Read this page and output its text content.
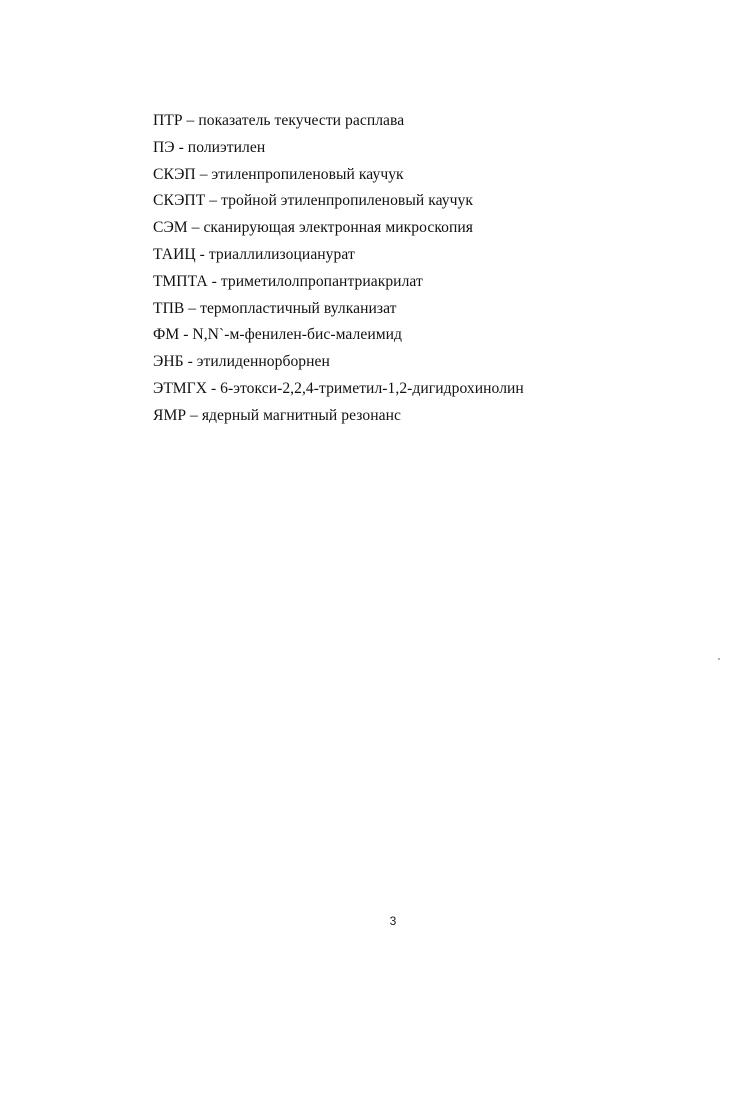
ПТР – показатель текучести расплава
ПЭ - полиэтилен
СКЭП – этиленпропиленовый каучук
СКЭПТ – тройной этиленпропиленовый каучук
СЭМ – сканирующая электронная микроскопия
ТАИЦ - триаллилизоцианурат
ТМПТА - триметилолпропантриакрилат
ТПВ – термопластичный вулканизат
ФМ - N,N`-м-фенилен-бис-малеимид
ЭНБ - этилиденнорборнен
ЭТМГХ - 6-этокси-2,2,4-триметил-1,2-дигидрохинолин
ЯМР – ядерный магнитный резонанс
3
